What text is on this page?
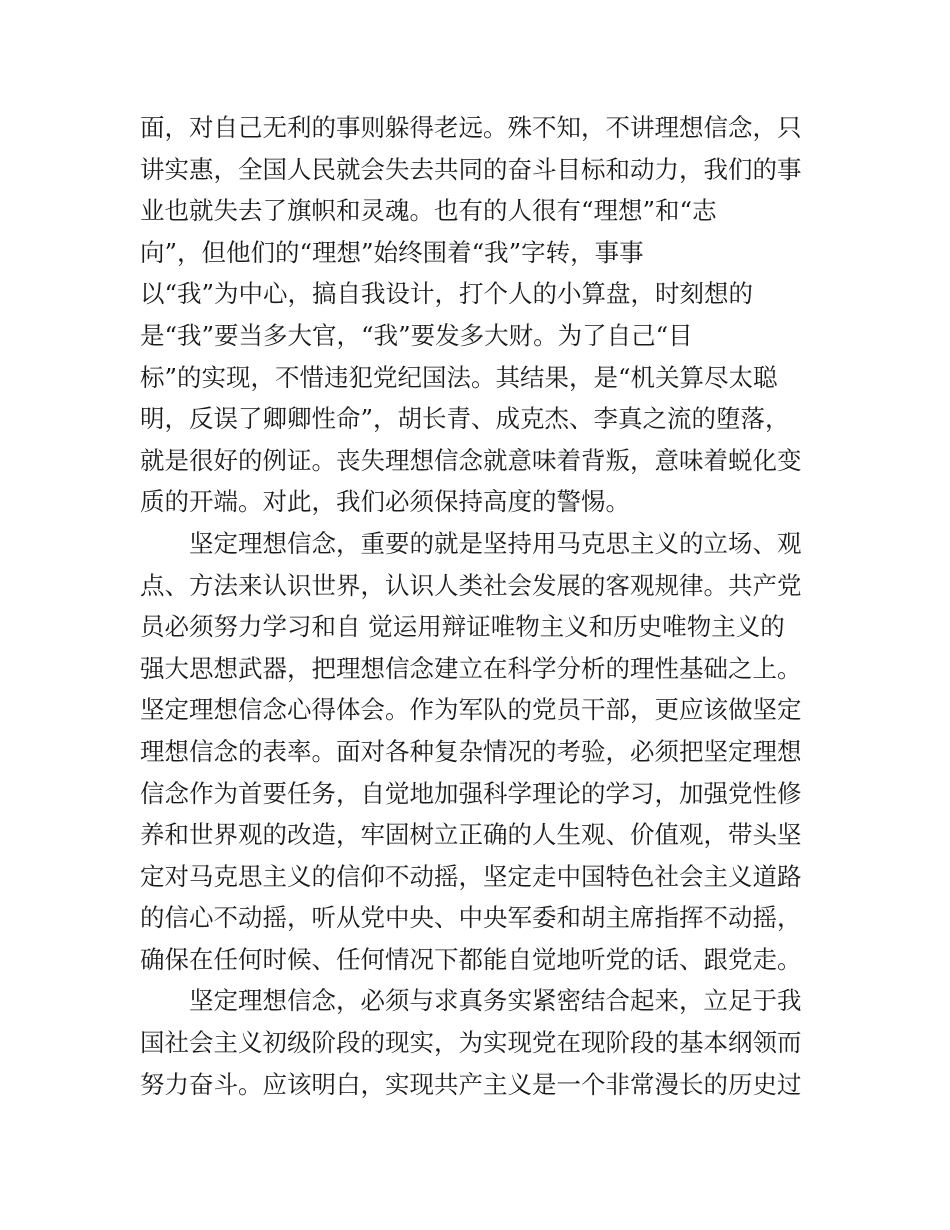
面，对自己无利的事则躲得老远。殊不知，不讲理想信念，只
讲实惠，全国人民就会失去共同的奋斗目标和动力，我们的事
业也就失去了旗帜和灵魂。也有的人很有“理想”和“志
向”，但他们的“理想”始终围着“我”字转，事事
以“我”为中心，搞自我设计，打个人的小算盘，时刻想的
是“我”要当多大官，“我”要发多大财。为了自己“目
标”的实现，不惜违犯党纪国法。其结果，是“机关算尽太聪
明，反误了卿卿性命”，胡长青、成克杰、李真之流的堕落，
就是很好的例证。丧失理想信念就意味着背叛，意味着蜕化变
质的开端。对此，我们必须保持高度的警惕。
坚定理想信念，重要的就是坚持用马克思主义的立场、观
点、方法来认识世界，认识人类社会发展的客观规律。共产党
员必须努力学习和自 觉运用辩证唯物主义和历史唯物主义的
强大思想武器，把理想信念建立在科学分析的理性基础之上。
坚定理想信念心得体会。作为军队的党员干部，更应该做坚定
理想信念的表率。面对各种复杂情况的考验，必须把坚定理想
信念作为首要任务，自觉地加强科学理论的学习，加强党性修
养和世界观的改造，牢固树立正确的人生观、价值观，带头坚
定对马克思主义的信仰不动摇，坚定走中国特色社会主义道路
的信心不动摇，听从党中央、中央军委和胡主席指挥不动摇，
确保在任何时候、任何情况下都能自觉地听党的话、跟党走。
坚定理想信念，必须与求真务实紧密结合起来，立足于我
国社会主义初级阶段的现实，为实现党在现阶段的基本纲领而
努力奋斗。应该明白，实现共产主义是一个非常漫长的历史过
